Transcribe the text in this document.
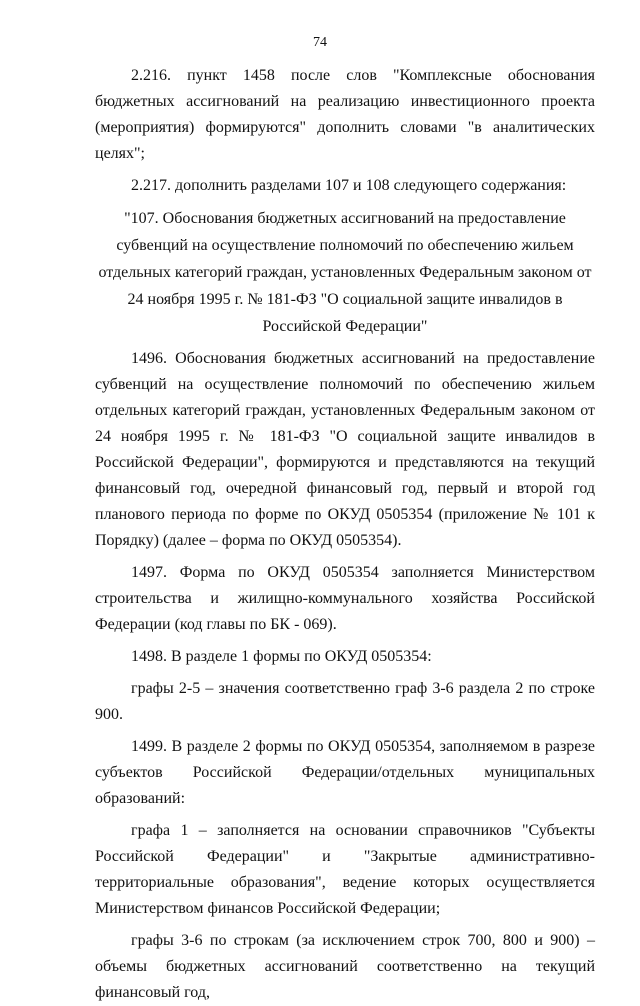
74

2.216. пункт 1458 после слов "Комплексные обоснования бюджетных ассигнований на реализацию инвестиционного проекта (мероприятия) формируются" дополнить словами "в аналитических целях";

2.217. дополнить разделами 107 и 108 следующего содержания:

"107. Обоснования бюджетных ассигнований на предоставление субвенций на осуществление полномочий по обеспечению жильем отдельных категорий граждан, установленных Федеральным законом от 24 ноября 1995 г. № 181-ФЗ "О социальной защите инвалидов в Российской Федерации"

1496. Обоснования бюджетных ассигнований на предоставление субвенций на осуществление полномочий по обеспечению жильем отдельных категорий граждан, установленных Федеральным законом от 24 ноября 1995 г. № 181-ФЗ "О социальной защите инвалидов в Российской Федерации", формируются и представляются на текущий финансовый год, очередной финансовый год, первый и второй год планового периода по форме по ОКУД 0505354 (приложение № 101 к Порядку) (далее – форма по ОКУД 0505354).

1497. Форма по ОКУД 0505354 заполняется Министерством строительства и жилищно-коммунального хозяйства Российской Федерации (код главы по БК - 069).

1498. В разделе 1 формы по ОКУД 0505354:

графы 2-5 – значения соответственно граф 3-6 раздела 2 по строке 900.

1499. В разделе 2 формы по ОКУД 0505354, заполняемом в разрезе субъектов Российской Федерации/отдельных муниципальных образований:

графа 1 – заполняется на основании справочников "Субъекты Российской Федерации" и "Закрытые административно-территориальные образования", ведение которых осуществляется Министерством финансов Российской Федерации;

графы 3-6 по строкам (за исключением строк 700, 800 и 900) – объемы бюджетных ассигнований соответственно на текущий финансовый год,
